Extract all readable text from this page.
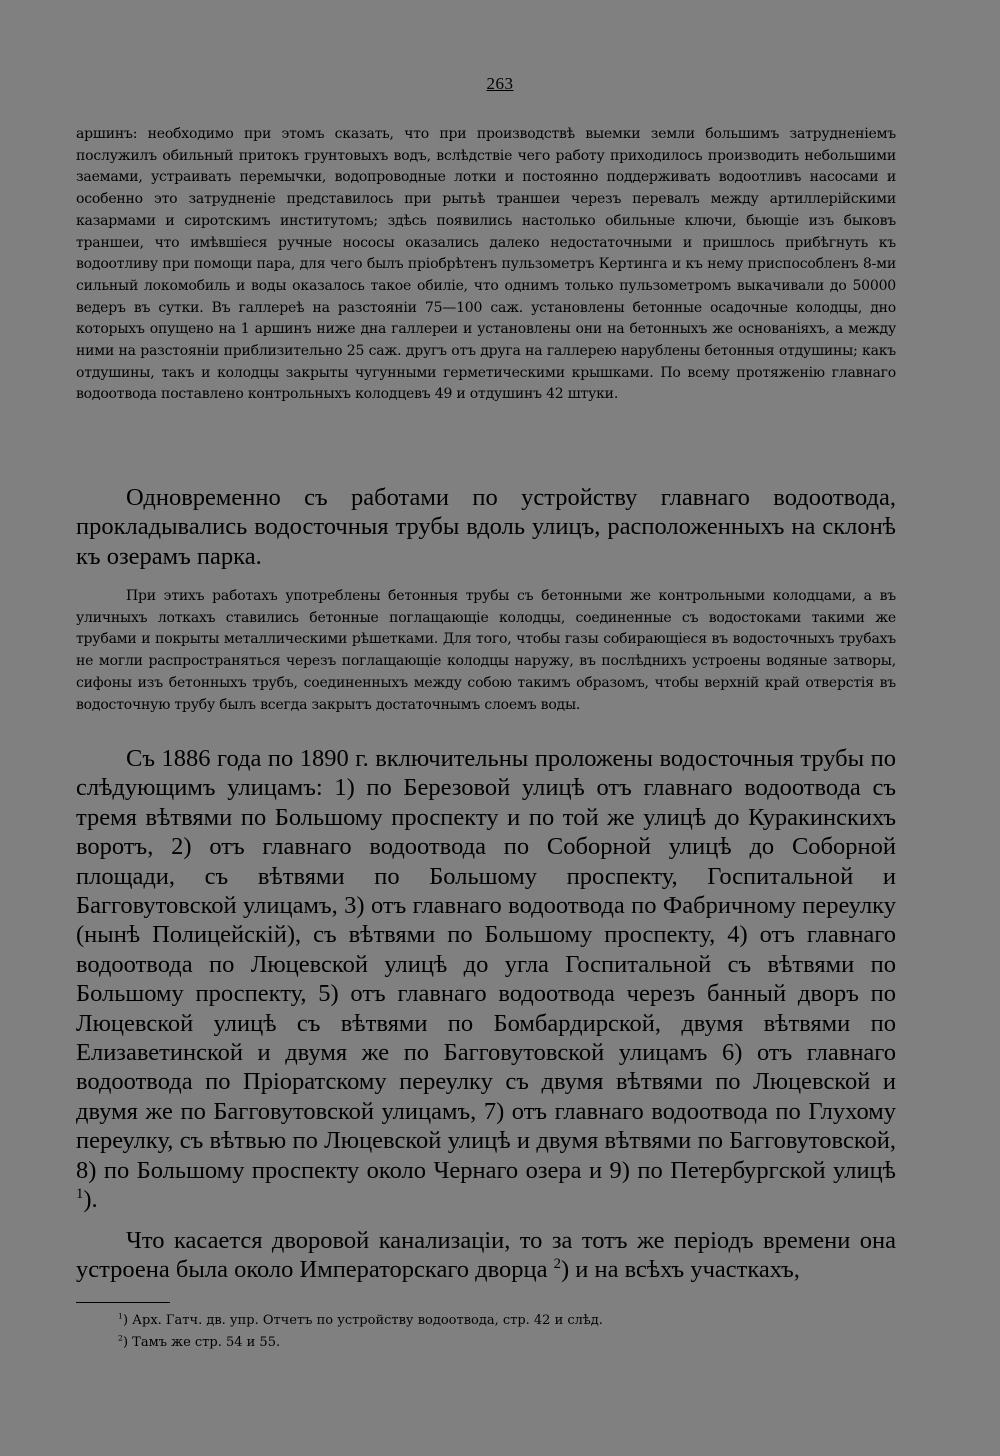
263

аршинъ: необходимо при этомъ сказать, что при производствѣ выемки земли большимъ затрудненіемъ послужилъ обильный притокъ грунтовыхъ водъ, вслѣдствіе чего работу приходилось производить небольшими заемами, устраивать перемычки, водопроводные лотки и постоянно поддерживать водоотливъ насосами и особенно это затрудненіе представилось при рытьѣ траншеи черезъ перевалъ между артиллерійскими казармами и сиротскимъ институтомъ; здѣсь появились настолько обильные ключи, бьющіе изъ быковъ траншеи, что имѣвшіеся ручные нососы оказались далеко недостаточными и пришлось прибѣгнуть къ водоотливу при помощи пара, для чего былъ пріобрѣтенъ пульзометръ Кертинга и къ нему приспособленъ 8-ми сильный локомобиль и воды оказалось такое обиліе, что однимъ только пульзометромъ выкачивали до 50000 ведеръ въ сутки. Въ галлереѣ на разстояніи 75—100 саж. установлены бетонные осадочные колодцы, дно которыхъ опущено на 1 аршинъ ниже дна галлереи и установлены они на бетонныхъ же основаніяхъ, а между ними на разстояніи приблизительно 25 саж. другъ отъ друга на галлерею нарублены бетонныя отдушины; какъ отдушины, такъ и колодцы закрыты чугунными герметическими крышками. По всему протяженію главнаго водоотвода поставлено контрольныхъ колодцевъ 49 и отдушинъ 42 штуки.

Одновременно съ работами по устройству главнаго водоотвода, прокладывались водосточныя трубы вдоль улицъ, расположенныхъ на склонѣ къ озерамъ парка.

При этихъ работахъ употреблены бетонныя трубы съ бетонными же контрольными колодцами, а въ уличныхъ лоткахъ ставились бетонные поглащающіе колодцы, соединенные съ водостоками такими же трубами и покрыты металлическими рѣшетками. Для того, чтобы газы собирающіеся въ водосточныхъ трубахъ не могли распространяться черезъ поглащающіе колодцы наружу, въ послѣднихъ устроены водяные затворы, сифоны изъ бетонныхъ трубъ, соединенныхъ между собою такимъ образомъ, чтобы верхній край отверстія въ водосточную трубу былъ всегда закрытъ достаточнымъ слоемъ воды.

Съ 1886 года по 1890 г. включительны проложены водосточныя трубы по слѣдующимъ улицамъ: 1) по Березовой улицѣ отъ главнаго водоотвода съ тремя вѣтвями по Большому проспекту и по той же улицѣ до Куракинскихъ воротъ, 2) отъ главнаго водоотвода по Соборной улицѣ до Соборной площади, съ вѣтвями по Большому проспекту, Госпитальной и Багговутовской улицамъ, 3) отъ главнаго водоотвода по Фабричному переулку (нынѣ Полицейскій), съ вѣтвями по Большому проспекту, 4) отъ главнаго водоотвода по Люцевской улицѣ до угла Госпитальной съ вѣтвями по Большому проспекту, 5) отъ главнаго водоотвода черезъ банный дворъ по Люцевской улицѣ съ вѣтвями по Бомбардирской, двумя вѣтвями по Елизаветинской и двумя же по Багговутовской улицамъ 6) отъ главнаго водоотвода по Пріоратскому переулку съ двумя вѣтвями по Люцевской и двумя же по Багговутовской улицамъ, 7) отъ главнаго водоотвода по Глухому переулку, съ вѣтвью по Люцевской улицѣ и двумя вѣтвями по Багговутовской, 8) по Большому проспекту около Чернаго озера и 9) по Петербургской улицѣ $^1$).

Что касается дворовой канализаціи, то за тотъ же періодъ времени она устроена была около Императорскаго дворца $^2$) и на всѣхъ участкахъ,

$^1$) Арх. Гатч. дв. упр. Отчетъ по устройству водоотвода, стр. 42 и слѣд.
$^2$) Тамъ же стр. 54 и 55.
